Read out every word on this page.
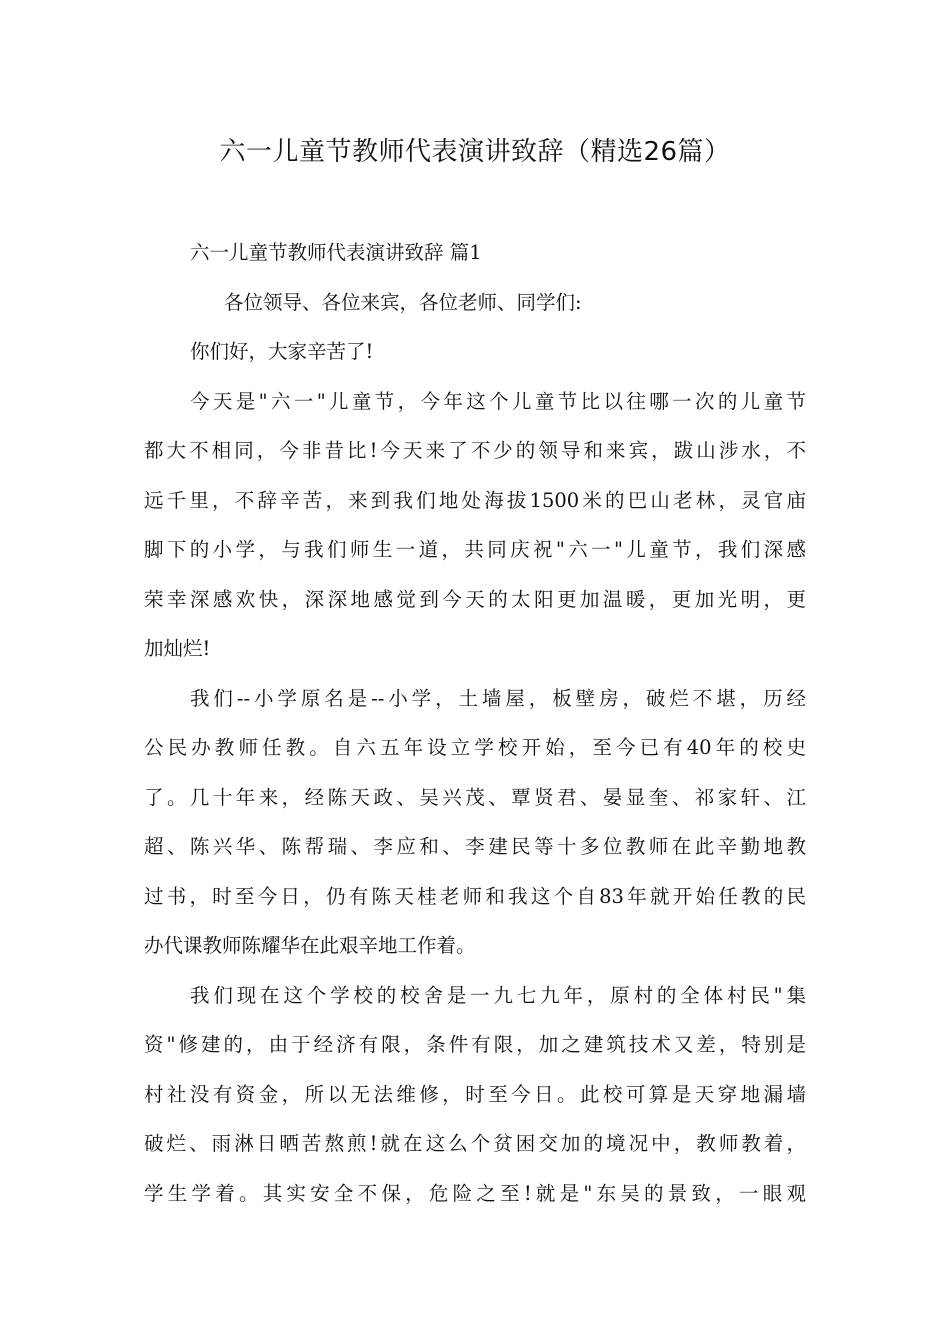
六一儿童节教师代表演讲致辞（精选26篇）
六一儿童节教师代表演讲致辞 篇1
各位领导、各位来宾，各位老师、同学们:
你们好，大家辛苦了!
今天是"六一"儿童节，今年这个儿童节比以往哪一次的儿童节
都大不相同，今非昔比!今天来了不少的领导和来宾，跋山涉水，不
远千里，不辞辛苦，来到我们地处海拔1500米的巴山老林，灵官庙
脚下的小学，与我们师生一道，共同庆祝"六一"儿童节，我们深感
荣幸深感欢快，深深地感觉到今天的太阳更加温暖，更加光明，更
加灿烂!
我们--小学原名是--小学，土墙屋，板壁房，破烂不堪，历经
公民办教师任教。自六五年设立学校开始，至今已有40年的校史
了。几十年来，经陈天政、吴兴茂、覃贤君、晏显奎、祁家轩、江
超、陈兴华、陈帮瑞、李应和、李建民等十多位教师在此辛勤地教
过书，时至今日，仍有陈天桂老师和我这个自83年就开始任教的民
办代课教师陈耀华在此艰辛地工作着。
我们现在这个学校的校舍是一九七九年，原村的全体村民"集
资"修建的，由于经济有限，条件有限，加之建筑技术又差，特别是
村社没有资金，所以无法维修，时至今日。此校可算是天穿地漏墙
破烂、雨淋日晒苦熬煎!就在这么个贫困交加的境况中，教师教着，
学生学着。其实安全不保，危险之至!就是"东吴的景致，一眼观
